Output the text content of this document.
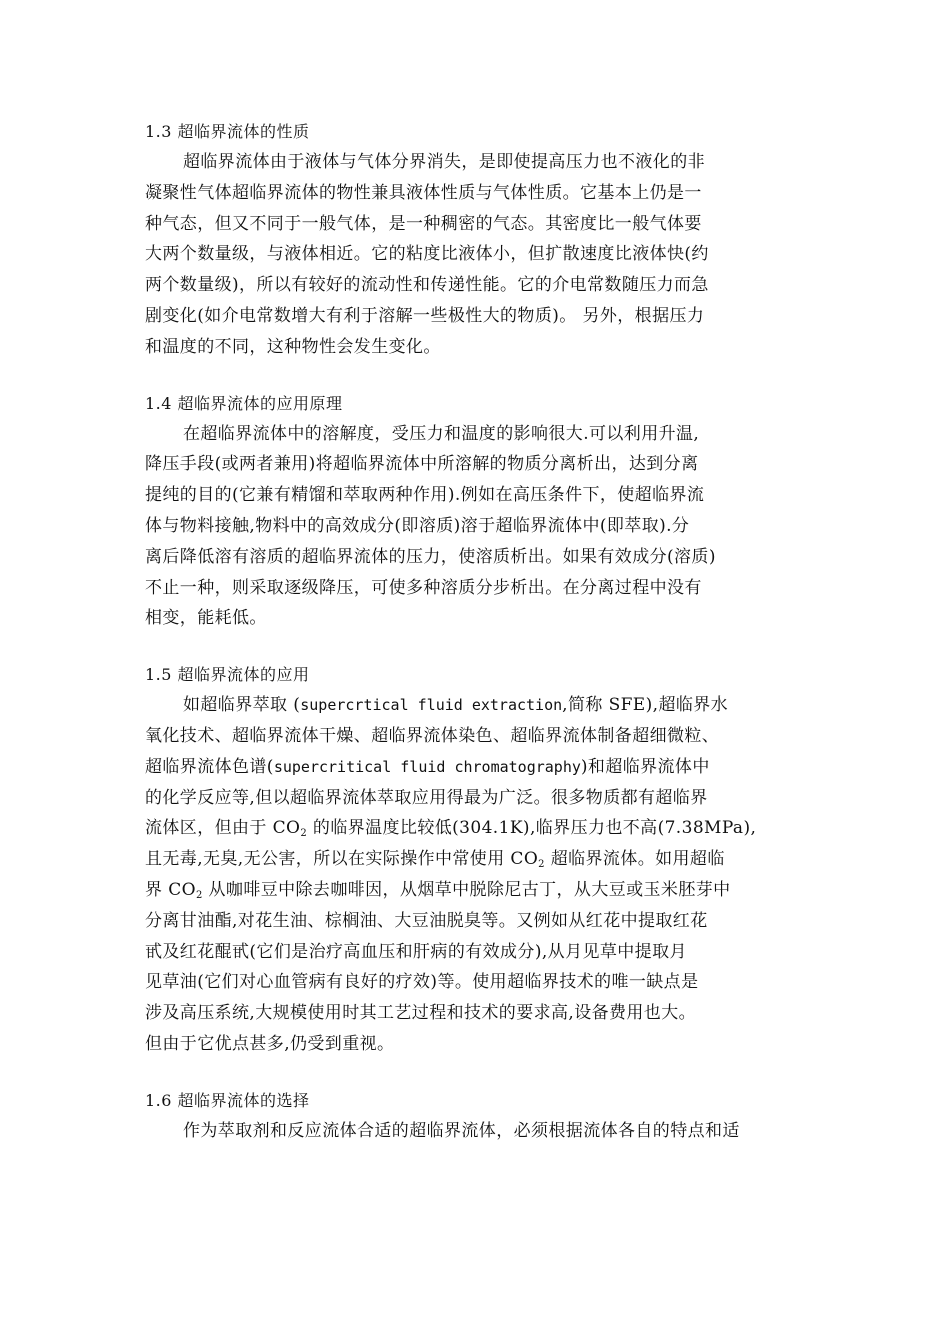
1.3 超临界流体的性质
超临界流体由于液体与气体分界消失，是即使提高压力也不液化的非
凝聚性气体超临界流体的物性兼具液体性质与气体性质。它基本上仍是一
种气态，但又不同于一般气体，是一种稠密的气态。其密度比一般气体要
大两个数量级，与液体相近。它的粘度比液体小，但扩散速度比液体快(约
两个数量级)，所以有较好的流动性和传递性能。它的介电常数随压力而急
剧变化(如介电常数增大有利于溶解一些极性大的物质)。 另外，根据压力
和温度的不同，这种物性会发生变化。
1.4 超临界流体的应用原理
在超临界流体中的溶解度，受压力和温度的影响很大.可以利用升温,
降压手段(或两者兼用)将超临界流体中所溶解的物质分离析出，达到分离
提纯的目的(它兼有精馏和萃取两种作用).例如在高压条件下，使超临界流
体与物料接触,物料中的高效成分(即溶质)溶于超临界流体中(即萃取).分
离后降低溶有溶质的超临界流体的压力，使溶质析出。如果有效成分(溶质)
不止一种，则采取逐级降压，可使多种溶质分步析出。在分离过程中没有
相变，能耗低。
1.5 超临界流体的应用
如超临界萃取 (supercrtical fluid extraction,简称 SFE),超临界水
氧化技术、超临界流体干燥、超临界流体染色、超临界流体制备超细微粒、
超临界流体色谱(supercritical fluid chromatography)和超临界流体中
的化学反应等,但以超临界流体萃取应用得最为广泛。很多物质都有超临界
流体区，但由于 $CO_2$ 的临界温度比较低(304.1K),临界压力也不高(7.38MPa),
且无毒,无臭,无公害，所以在实际操作中常使用 $CO_2$ 超临界流体。如用超临
界 $CO_2$ 从咖啡豆中除去咖啡因，从烟草中脱除尼古丁，从大豆或玉米胚芽中
分离甘油酯,对花生油、棕榈油、大豆油脱臭等。又例如从红花中提取红花
甙及红花醌甙(它们是治疗高血压和肝病的有效成分),从月见草中提取月
见草油(它们对心血管病有良好的疗效)等。使用超临界技术的唯一缺点是
涉及高压系统,大规模使用时其工艺过程和技术的要求高,设备费用也大。
但由于它优点甚多,仍受到重视。
1.6 超临界流体的选择
作为萃取剂和反应流体合适的超临界流体，必须根据流体各自的特点和适
